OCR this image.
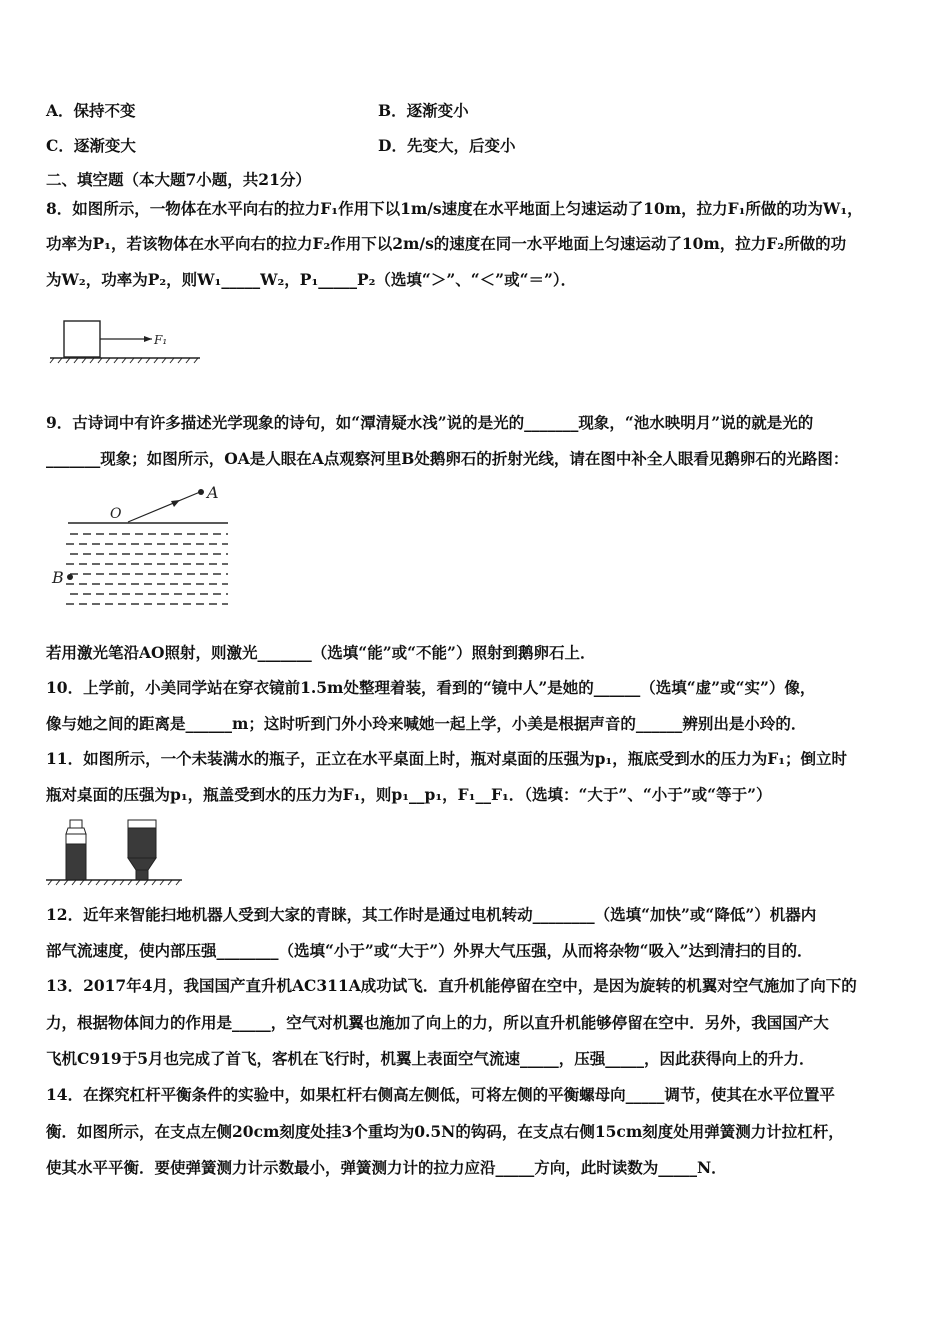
A．保持不变	B．逐渐变小
C．逐渐变大	D．先变大，后变小
二、填空题（本大题7小题，共21分）
8．如图所示，一物体在水平向右的拉力F₁作用下以1m/s速度在水平地面上匀速运动了10m，拉力F₁所做的功为W₁，
功率为P₁，若该物体在水平向右的拉力F₂作用下以2m/s的速度在同一水平地面上匀速运动了10m，拉力F₂所做的功
为W₂，功率为P₂，则W₁_____W₂，P₁_____P₂（选填“＞”、“＜”或“＝”）．
F₁
9．古诗词中有许多描述光学现象的诗句，如“潭清疑水浅”说的是光的_______现象，“池水映明月”说的就是光的
_______现象；如图所示，OA是人眼在A点观察河里B处鹅卵石的折射光线，请在图中补全人眼看见鹅卵石的光路图：
O
A
B
若用激光笔沿AO照射，则激光_______（选填“能”或“不能”）照射到鹅卵石上．
10．上学前，小美同学站在穿衣镜前1.5m处整理着装，看到的“镜中人”是她的______（选填“虚”或“实”）像，
像与她之间的距离是______m；这时听到门外小玲来喊她一起上学，小美是根据声音的______辨别出是小玲的．
11．如图所示，一个未装满水的瓶子，正立在水平桌面上时，瓶对桌面的压强为p₁，瓶底受到水的压力为F₁；倒立时
瓶对桌面的压强为p₁，瓶盖受到水的压力为F₁，则p₁__p₁，F₁__F₁．（选填：“大于”、“小于”或“等于”）
12．近年来智能扫地机器人受到大家的青睐，其工作时是通过电机转动________（选填“加快”或“降低”）机器内
部气流速度，使内部压强________（选填“小于”或“大于”）外界大气压强，从而将杂物“吸入”达到清扫的目的．
13．2017年4月，我国国产直升机AC311A成功试飞．直升机能停留在空中，是因为旋转的机翼对空气施加了向下的
力，根据物体间力的作用是_____，空气对机翼也施加了向上的力，所以直升机能够停留在空中．另外，我国国产大
飞机C919于5月也完成了首飞，客机在飞行时，机翼上表面空气流速_____，压强_____，因此获得向上的升力．
14．在探究杠杆平衡条件的实验中，如果杠杆右侧高左侧低，可将左侧的平衡螺母向_____调节，使其在水平位置平
衡．如图所示，在支点左侧20cm刻度处挂3个重均为0.5N的钩码，在支点右侧15cm刻度处用弹簧测力计拉杠杆，
使其水平平衡．要使弹簧测力计示数最小，弹簧测力计的拉力应沿_____方向，此时读数为_____N．
